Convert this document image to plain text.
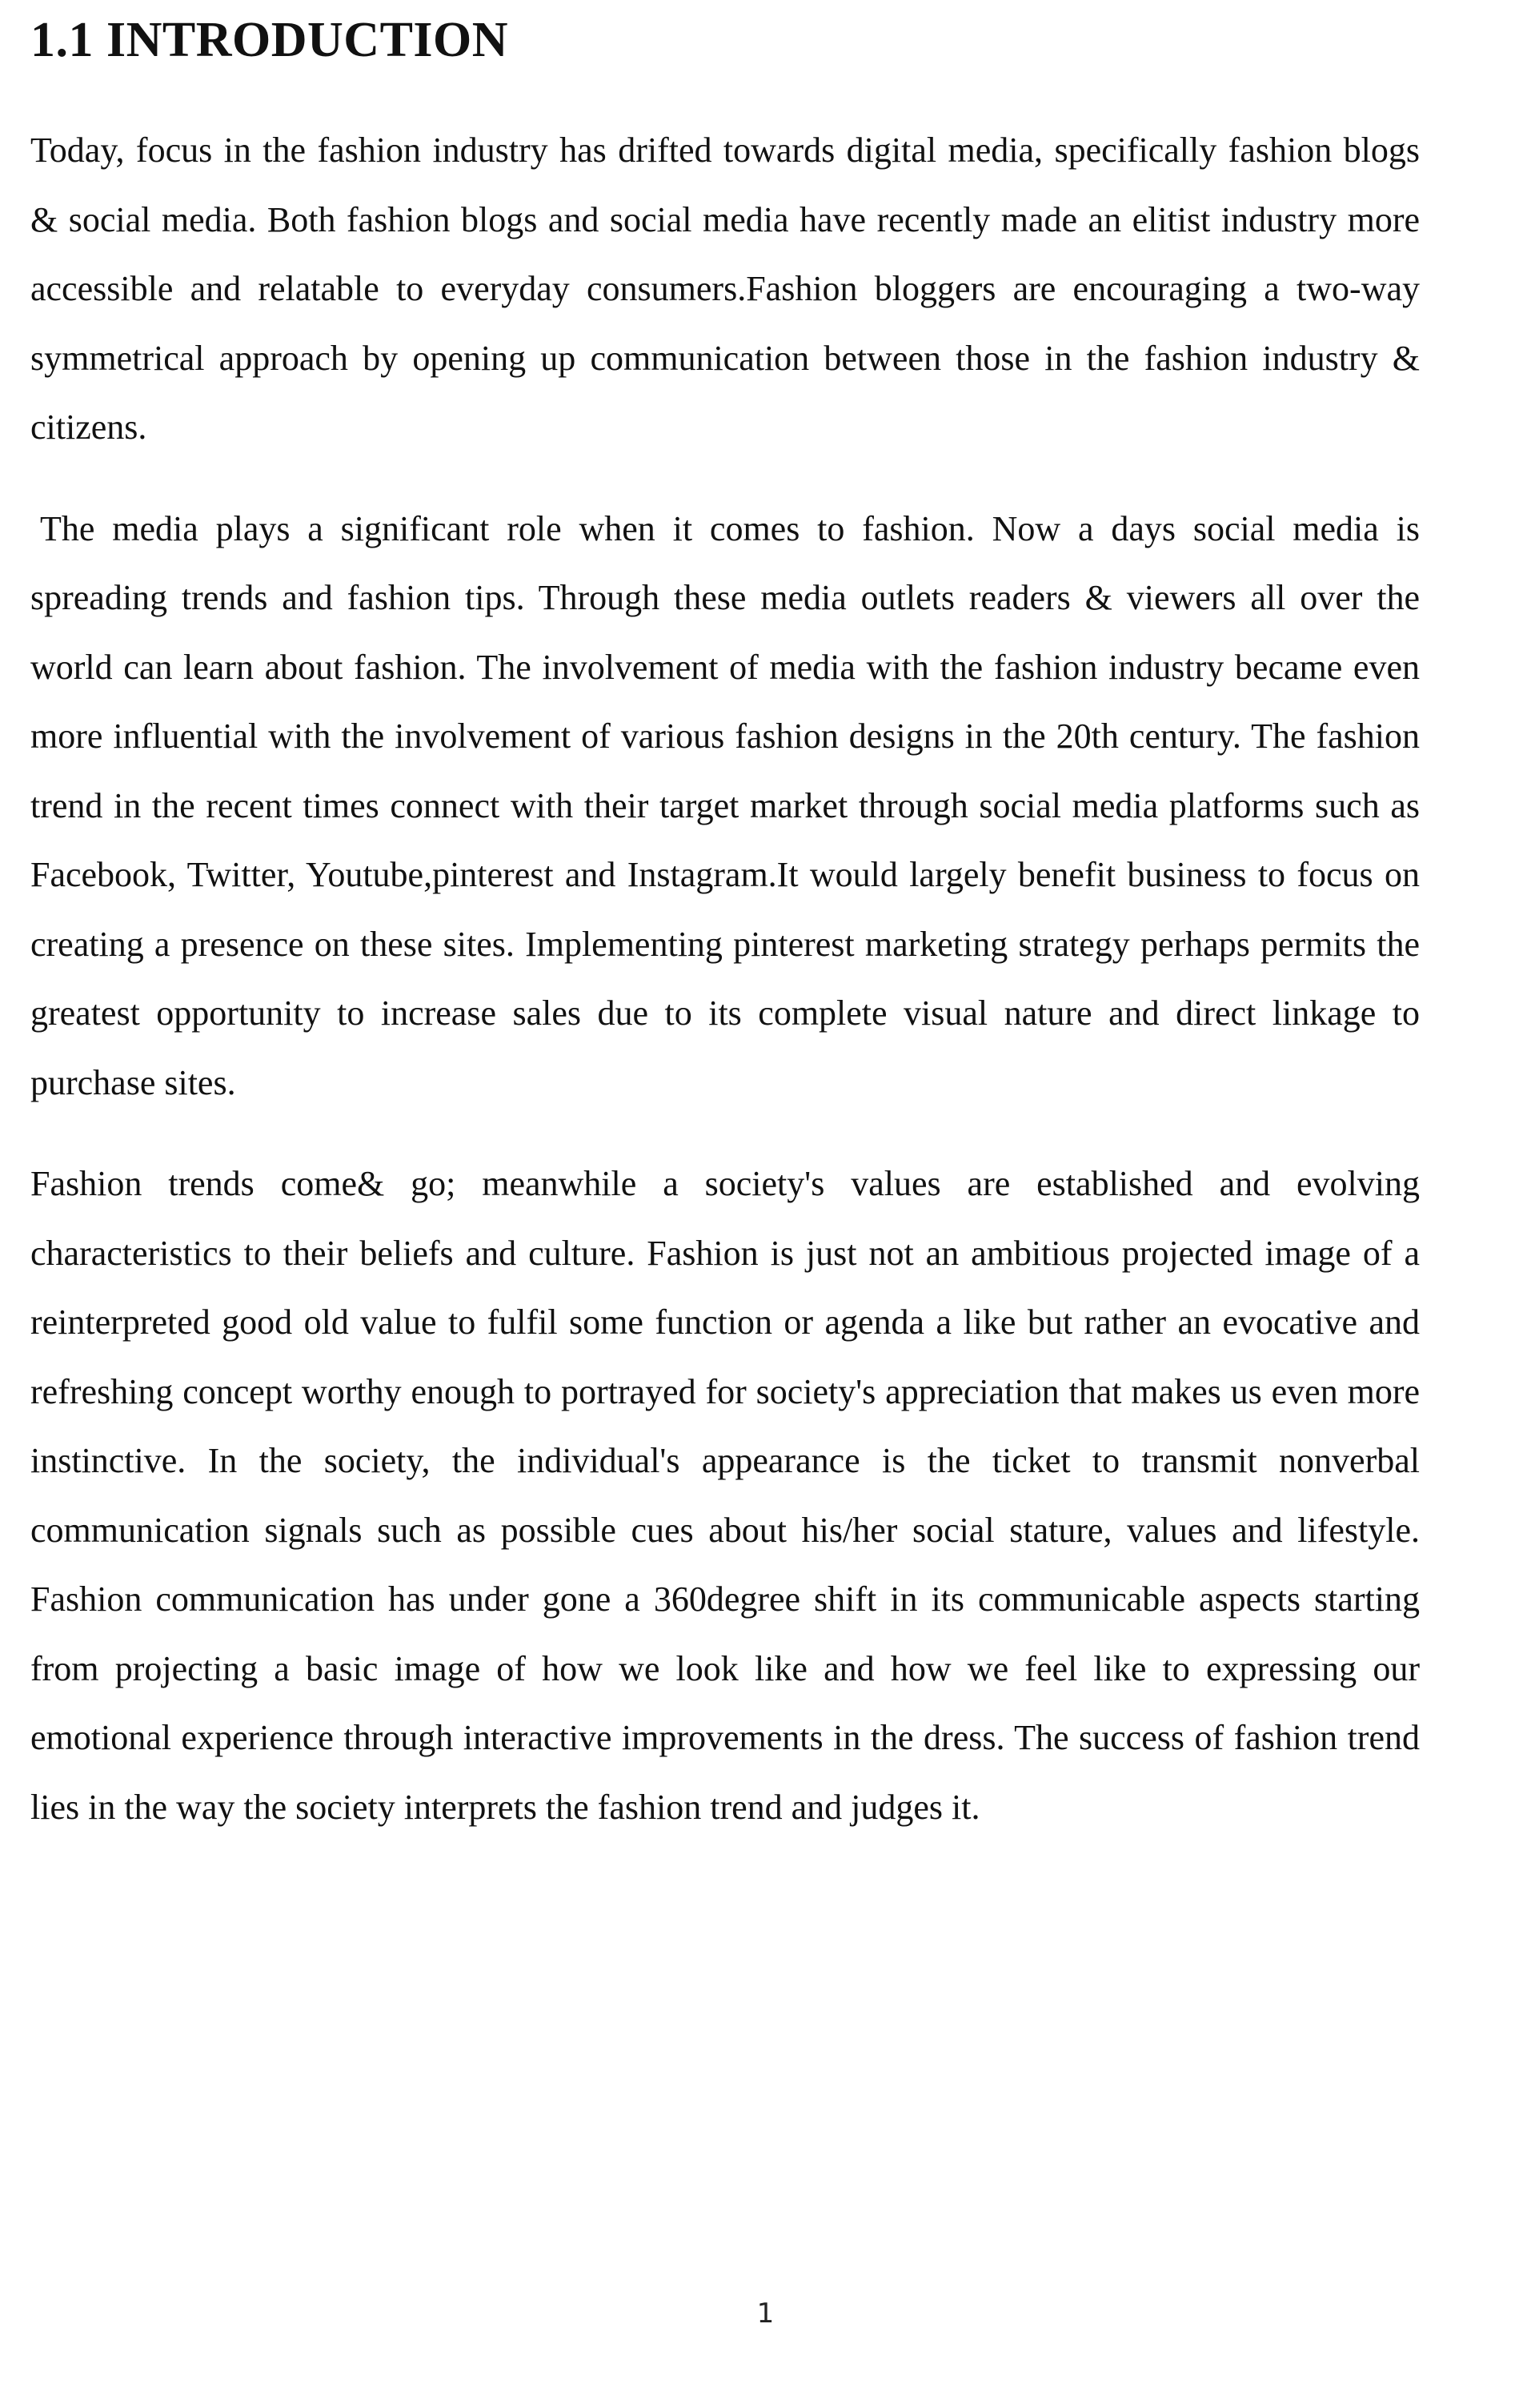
1.1 INTRODUCTION

Today, focus in the fashion industry has drifted towards digital media, specifically fashion blogs & social media. Both fashion blogs and social media have recently made an elitist industry more accessible and relatable to everyday consumers.Fashion bloggers are encouraging a two-way symmetrical approach by opening up communication between those in the fashion industry & citizens.

The media plays a significant role when it comes to fashion. Now a days social media is spreading trends and fashion tips. Through these media outlets readers & viewers all over the world can learn about fashion. The involvement of media with the fashion industry became even more influential with the involvement of various fashion designs in the 20th century. The fashion trend in the recent times connect with their target market through social media platforms such as Facebook, Twitter, Youtube,pinterest and Instagram.It would largely benefit business to focus on creating a presence on these sites. Implementing pinterest marketing strategy perhaps permits the greatest opportunity to increase sales due to its complete visual nature and direct linkage to purchase sites.

Fashion trends come& go; meanwhile a society's values are established and evolving characteristics to their beliefs and culture. Fashion is just not an ambitious projected image of a reinterpreted good old value to fulfil some function or agenda a like but rather an evocative and refreshing concept worthy enough to portrayed for society's appreciation that makes us even more instinctive. In the society, the individual's appearance is the ticket to transmit nonverbal communication signals such as possible cues about his/her social stature, values and lifestyle. Fashion communication has under gone a 360degree shift in its communicable aspects starting from projecting a basic image of how we look like and how we feel like to expressing our emotional experience through interactive improvements in the dress. The success of fashion trend lies in the way the society interprets the fashion trend and judges it.

1
